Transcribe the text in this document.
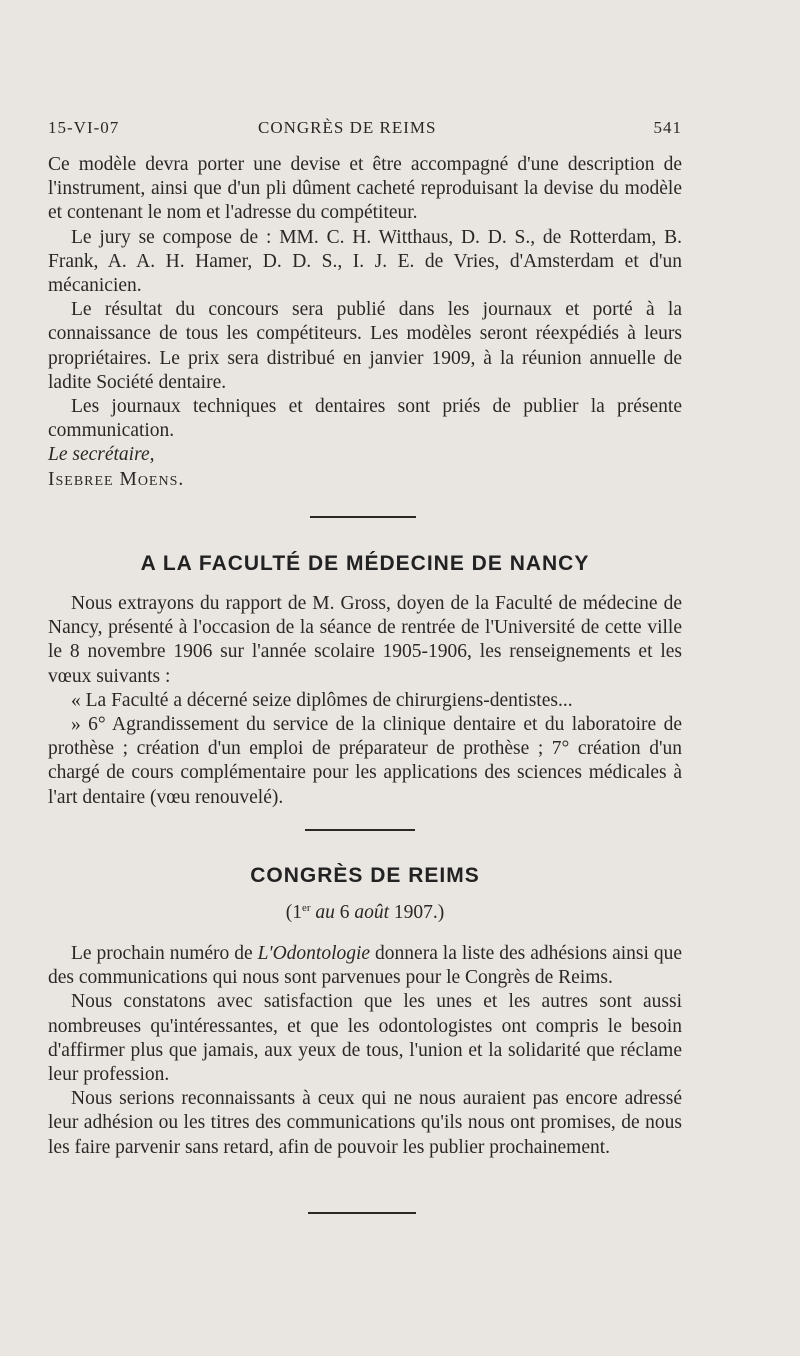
15-VI-07	CONGRÈS DE REIMS	541

Ce modèle devra porter une devise et être accompagné d'une description de l'instrument, ainsi que d'un pli dûment cacheté reproduisant la devise du modèle et contenant le nom et l'adresse du compétiteur.

Le jury se compose de : MM. C. H. Witthaus, D. D. S., de Rotterdam, B. Frank, A. A. H. Hamer, D. D. S., I. J. E. de Vries, d'Amsterdam et d'un mécanicien.

Le résultat du concours sera publié dans les journaux et porté à la connaissance de tous les compétiteurs. Les modèles seront réexpédiés à leurs propriétaires. Le prix sera distribué en janvier 1909, à la réunion annuelle de ladite Société dentaire.

Les journaux techniques et dentaires sont priés de publier la présente communication.

Le secrétaire,

Isebree Moens.

A LA FACULTÉ DE MÉDECINE DE NANCY

Nous extrayons du rapport de M. Gross, doyen de la Faculté de médecine de Nancy, présenté à l'occasion de la séance de rentrée de l'Université de cette ville le 8 novembre 1906 sur l'année scolaire 1905-1906, les renseignements et les vœux suivants :

« La Faculté a décerné seize diplômes de chirurgiens-dentistes...

» 6° Agrandissement du service de la clinique dentaire et du laboratoire de prothèse ; création d'un emploi de préparateur de prothèse ; 7° création d'un chargé de cours complémentaire pour les applications des sciences médicales à l'art dentaire (vœu renouvelé).

CONGRÈS DE REIMS
(1er au 6 août 1907.)

Le prochain numéro de L'Odontologie donnera la liste des adhésions ainsi que des communications qui nous sont parvenues pour le Congrès de Reims.

Nous constatons avec satisfaction que les unes et les autres sont aussi nombreuses qu'intéressantes, et que les odontologistes ont compris le besoin d'affirmer plus que jamais, aux yeux de tous, l'union et la solidarité que réclame leur profession.

Nous serions reconnaissants à ceux qui ne nous auraient pas encore adressé leur adhésion ou les titres des communications qu'ils nous ont promises, de nous les faire parvenir sans retard, afin de pouvoir les publier prochainement.
